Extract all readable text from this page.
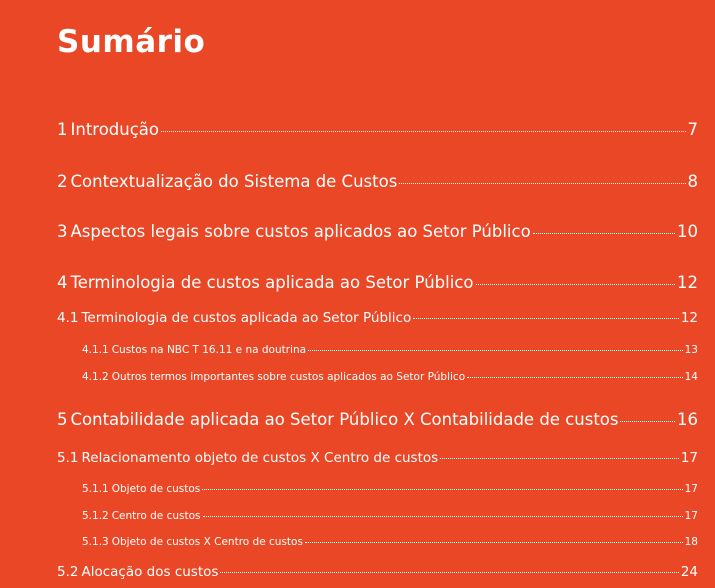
Sumário
1 Introdução	7
2 Contextualização do Sistema de Custos	8
3 Aspectos legais sobre custos aplicados ao Setor Público	10
4 Terminologia de custos aplicada ao Setor Público	12
4.1 Terminologia de custos aplicada ao Setor Público	12
4.1.1 Custos na NBC T 16.11 e na doutrina	13
4.1.2 Outros termos importantes sobre custos aplicados ao Setor Público	14
5 Contabilidade aplicada ao Setor Público X Contabilidade de custos	16
5.1 Relacionamento objeto de custos X Centro de custos	17
5.1.1 Objeto de custos	17
5.1.2 Centro de custos	17
5.1.3 Objeto de custos X Centro de custos	18
5.2 Alocação dos custos	24
